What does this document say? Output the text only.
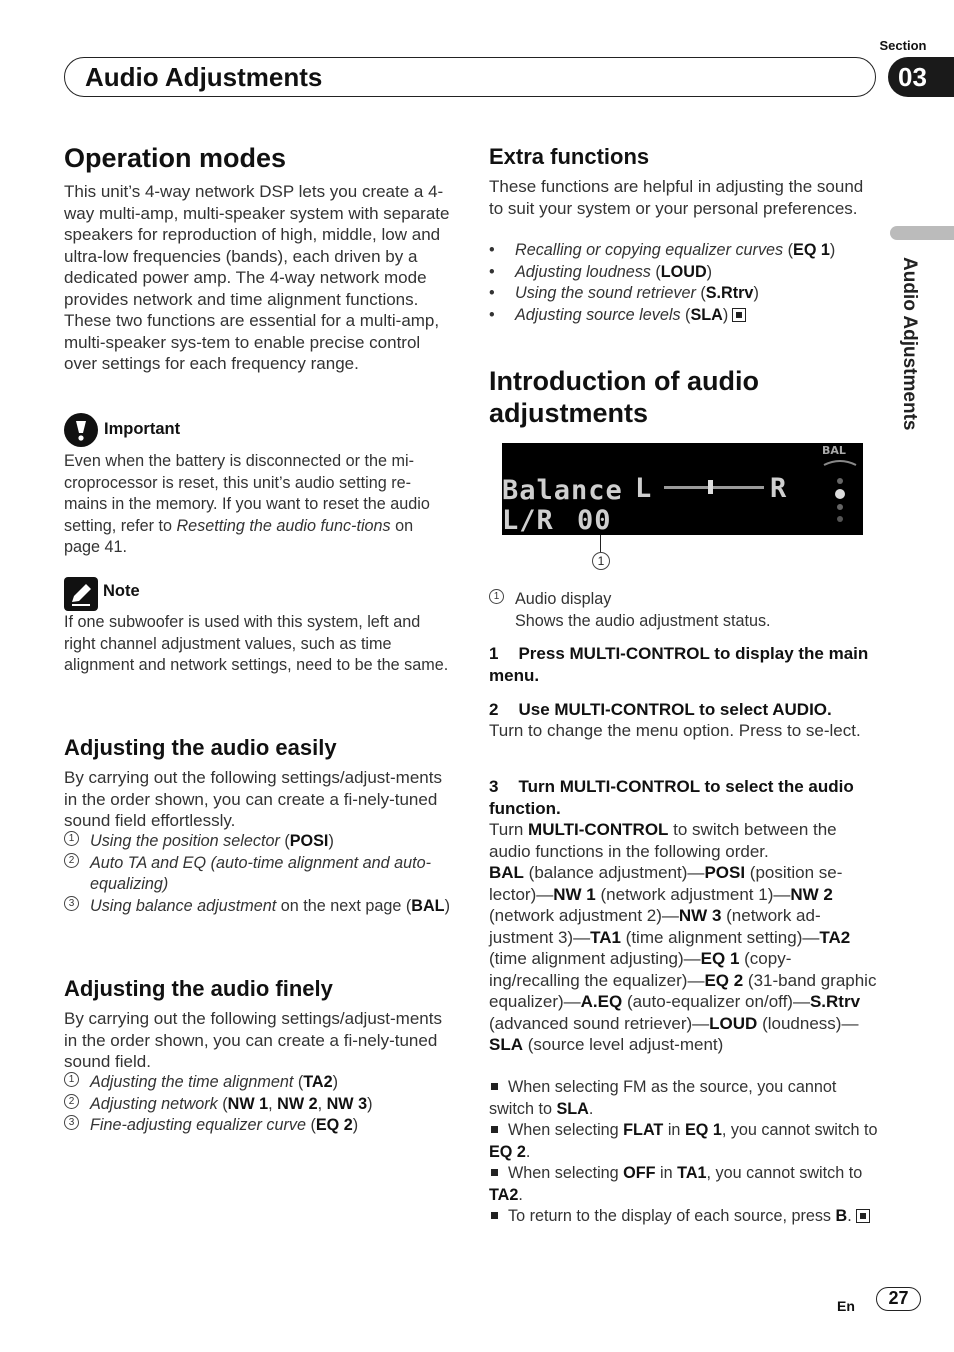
Section
Audio Adjustments	03
Audio Adjustments
Operation modes
This unit’s 4-way network DSP lets you create a 4-way multi-amp, multi-speaker system with separate speakers for reproduction of high, middle, low and ultra-low frequencies (bands), each driven by a dedicated power amp. The 4-way network mode provides network and time alignment functions. These two functions are essential for a multi-amp, multi-speaker sys-tem to enable precise control over settings for each frequency range.
Important
Even when the battery is disconnected or the mi-croprocessor is reset, this unit’s audio setting re-mains in the memory. If you want to reset the audio setting, refer to Resetting the audio func-tions on page 41.
Note
If one subwoofer is used with this system, left and right channel adjustment values, such as time alignment and network settings, need to be the same.
Adjusting the audio easily
By carrying out the following settings/adjust-ments in the order shown, you can create a fi-nely-tuned sound field effortlessly.
1 Using the position selector (POSI)
2 Auto TA and EQ (auto-time alignment and auto-equalizing)
3 Using balance adjustment on the next page (BAL)
Adjusting the audio finely
By carrying out the following settings/adjust-ments in the order shown, you can create a fi-nely-tuned sound field.
1 Adjusting the time alignment (TA2)
2 Adjusting network (NW 1, NW 2, NW 3)
3 Fine-adjusting equalizer curve (EQ 2)
Extra functions
These functions are helpful in adjusting the sound to suit your system or your personal preferences.
• Recalling or copying equalizer curves (EQ 1)
• Adjusting loudness (LOUD)
• Using the sound retriever (S.Rtrv)
• Adjusting source levels (SLA)
Introduction of audio
adjustments
Balance L	R
L/R 00
BAL
1
1 Audio display
Shows the audio adjustment status.
1 Press MULTI-CONTROL to display the main menu.
2 Use MULTI-CONTROL to select AUDIO.
Turn to change the menu option. Press to se-lect.
3 Turn MULTI-CONTROL to select the audio function.
Turn MULTI-CONTROL to switch between the audio functions in the following order.
BAL (balance adjustment)—POSI (position se-lector)—NW 1 (network adjustment 1)—NW 2 (network adjustment 2)—NW 3 (network ad-justment 3)—TA1 (time alignment setting)—TA2 (time alignment adjusting)—EQ 1 (copy-ing/recalling the equalizer)—EQ 2 (31-band graphic equalizer)—A.EQ (auto-equalizer on/off)—S.Rtrv (advanced sound retriever)—LOUD (loudness)—SLA (source level adjust-ment)
When selecting FM as the source, you cannot switch to SLA.
When selecting FLAT in EQ 1, you cannot switch to EQ 2.
When selecting OFF in TA1, you cannot switch to TA2.
To return to the display of each source, press B.
En	27
